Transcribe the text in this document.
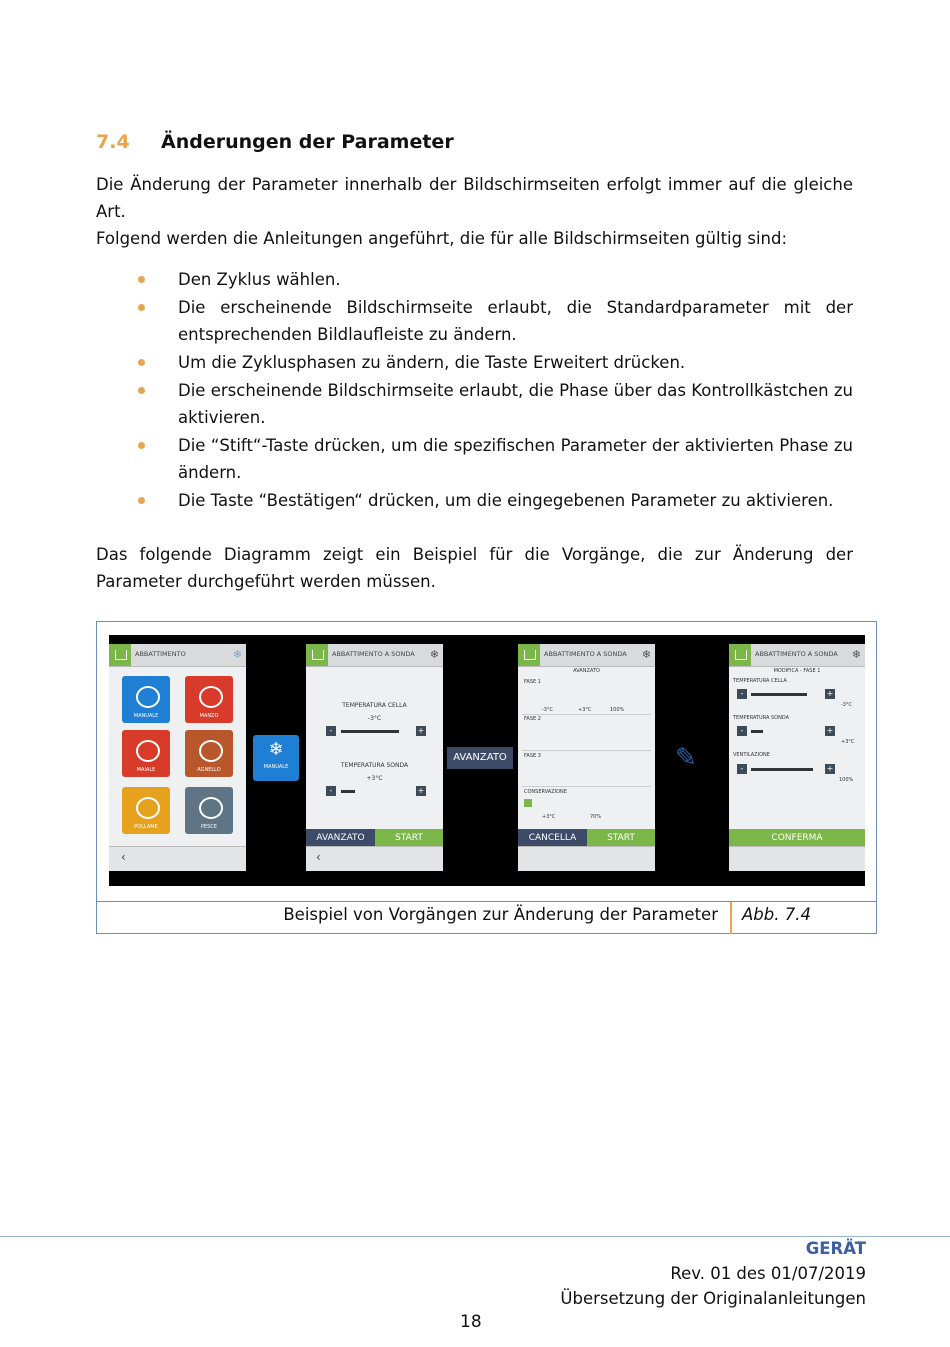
7.4 Änderungen der Parameter
Die Änderung der Parameter innerhalb der Bildschirmseiten erfolgt immer auf die gleiche Art.
Folgend werden die Anleitungen angeführt, die für alle Bildschirmseiten gültig sind:
Den Zyklus wählen.
Die erscheinende Bildschirmseite erlaubt, die Standardparameter mit der entsprechenden Bildlaufleiste zu ändern.
Um die Zyklusphasen zu ändern, die Taste Erweitert drücken.
Die erscheinende Bildschirmseite erlaubt, die Phase über das Kontrollkästchen zu aktivieren.
Die “Stift“-Taste drücken, um die spezifischen Parameter der aktivierten Phase zu ändern.
Die Taste “Bestätigen“ drücken, um die eingegebenen Parameter zu aktivieren.
Das folgende Diagramm zeigt ein Beispiel für die Vorgänge, die zur Änderung der Parameter durchgeführt werden müssen.
ABBATTIMENTO	❄
MANUALE	MANZO
MAIALE	AGNELLO
POLLAME	PESCE
‹
❄
MANUALE
ABBATTIMENTO A SONDA ❄
TEMPERATURA CELLA
-3°C
-	+
TEMPERATURA SONDA
+3°C
-	+
AVANZATO	START
‹
AVANZATO
ABBATTIMENTO A SONDA ❄
AVANZATO
FASE 1
-3°C	+3°C	100%
FASE 2
FASE 3
CONSERVAZIONE
+3°C	70%
CANCELLA	START
✎
ABBATTIMENTO A SONDA ❄
MODIFICA - FASE 1
TEMPERATURA CELLA
-	+
-3°C
TEMPERATURA SONDA
-	+
+3°C
VENTILAZIONE
-	+
100%
CONFERMA
Beispiel von Vorgängen zur Änderung der Parameter Abb. 7.4
GERÄT
Rev. 01 des 01/07/2019
Übersetzung der Originalanleitungen
18
